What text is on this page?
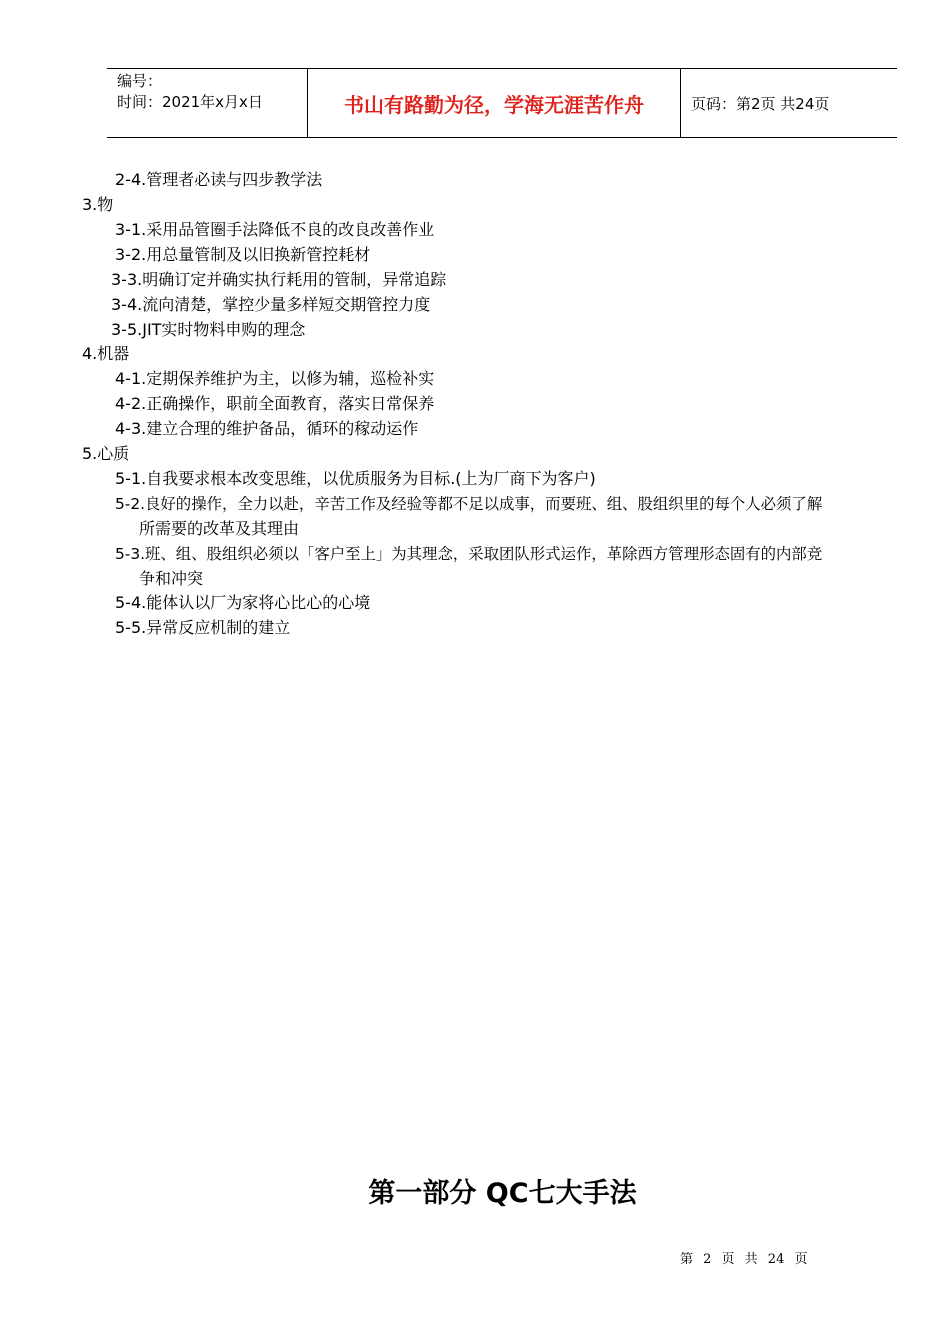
编号：
时间：2021年x月x日	书山有路勤为径，学海无涯苦作舟	页码：第2页 共24页
2-4.管理者必读与四步教学法
3.物
3-1.采用品管圈手法降低不良的改良改善作业
3-2.用总量管制及以旧换新管控耗材
3-3.明确订定并确实执行耗用的管制，异常追踪
3-4.流向清楚，掌控少量多样短交期管控力度
3-5.JIT实时物料申购的理念
4.机器
4-1.定期保养维护为主，以修为辅，巡检补实
4-2.正确操作，职前全面教育，落实日常保养
4-3.建立合理的维护备品，循环的稼动运作
5.心质
5-1.自我要求根本改变思维，以优质服务为目标.(上为厂商下为客户)
5-2.良好的操作，全力以赴，辛苦工作及经验等都不足以成事，而要班、组、股组织里的每个人必须了解
所需要的改革及其理由
5-3.班、组、股组织必须以「客户至上」为其理念，采取团队形式运作，革除西方管理形态固有的内部竞
争和冲突
5-4.能体认以厂为家将心比心的心境
5-5.异常反应机制的建立
第一部分 QC七大手法
第 2 页 共 24 页
